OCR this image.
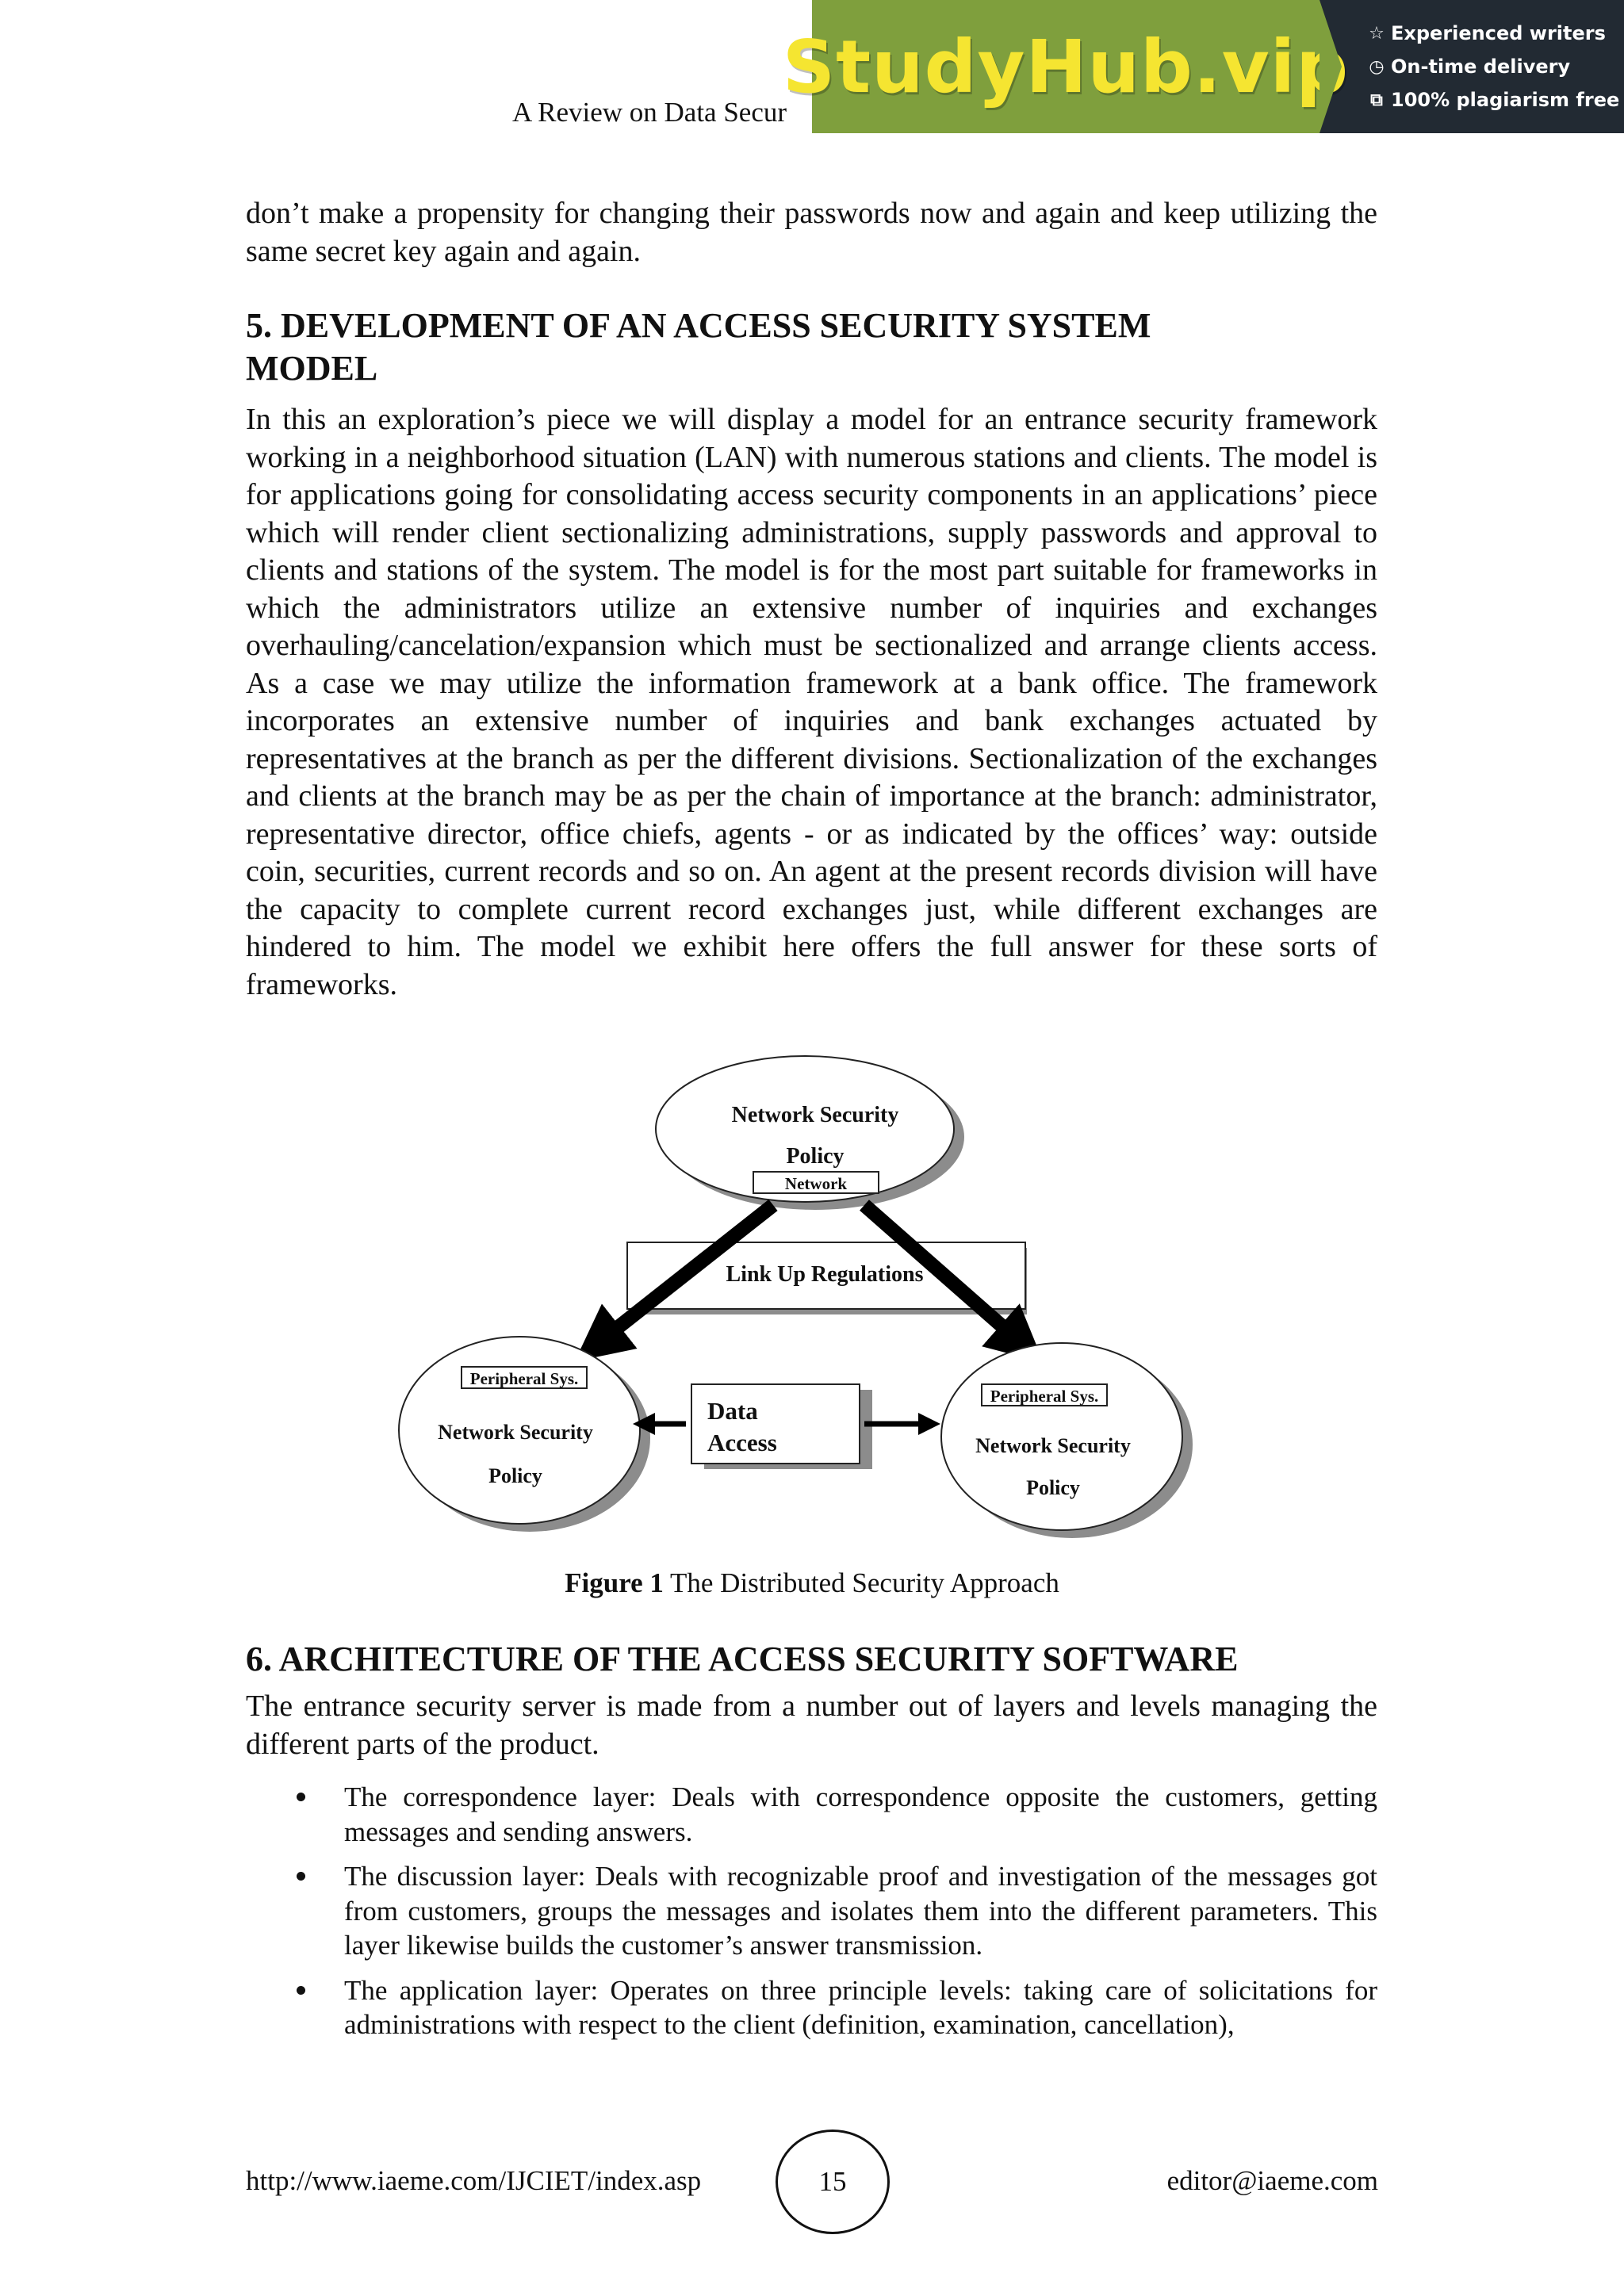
A Review on Data Secur
StudyHub.vip ☆ Experienced writers
◷ On-time delivery
⧉ 100% plagiarism free

don’t make a propensity for changing their passwords now and again and keep utilizing the same secret key again and again.

5. DEVELOPMENT OF AN ACCESS SECURITY SYSTEM
MODEL

In this an exploration’s piece we will display a model for an entrance security framework working in a neighborhood situation (LAN) with numerous stations and clients. The model is for applications going for consolidating access security components in an applications’ piece which will render client sectionalizing administrations, supply passwords and approval to clients and stations of the system. The model is for the most part suitable for frameworks in which the administrators utilize an extensive number of inquiries and exchanges overhauling/cancelation/expansion which must be sectionalized and arrange clients access. As a case we may utilize the information framework at a bank office. The framework incorporates an extensive number of inquiries and bank exchanges actuated by representatives at the branch as per the different divisions. Sectionalization of the exchanges and clients at the branch may be as per the chain of importance at the branch: administrator, representative director, office chiefs, agents - or as indicated by the offices’ way: outside coin, securities, current records and so on. An agent at the present records division will have the capacity to complete current record exchanges just, while different exchanges are hindered to him. The model we exhibit here offers the full answer for these sorts of frameworks.

Network Security
Policy
Network
Link Up Regulations
Peripheral Sys.
Network Security
Policy
Peripheral Sys.
Network Security
Policy
Data
Access
Figure 1 The Distributed Security Approach
6. ARCHITECTURE OF THE ACCESS SECURITY SOFTWARE

The entrance security server is made from a number out of layers and levels managing the different parts of the product.

The correspondence layer: Deals with correspondence opposite the customers, getting messages and sending answers.
The discussion layer: Deals with recognizable proof and investigation of the messages got from customers, groups the messages and isolates them into the different parameters. This layer likewise builds the customer’s answer transmission.
The application layer: Operates on three principle levels: taking care of solicitations for administrations with respect to the client (definition, examination, cancellation),
http://www.iaeme.com/IJCIET/index.asp	15	editor@iaeme.com
